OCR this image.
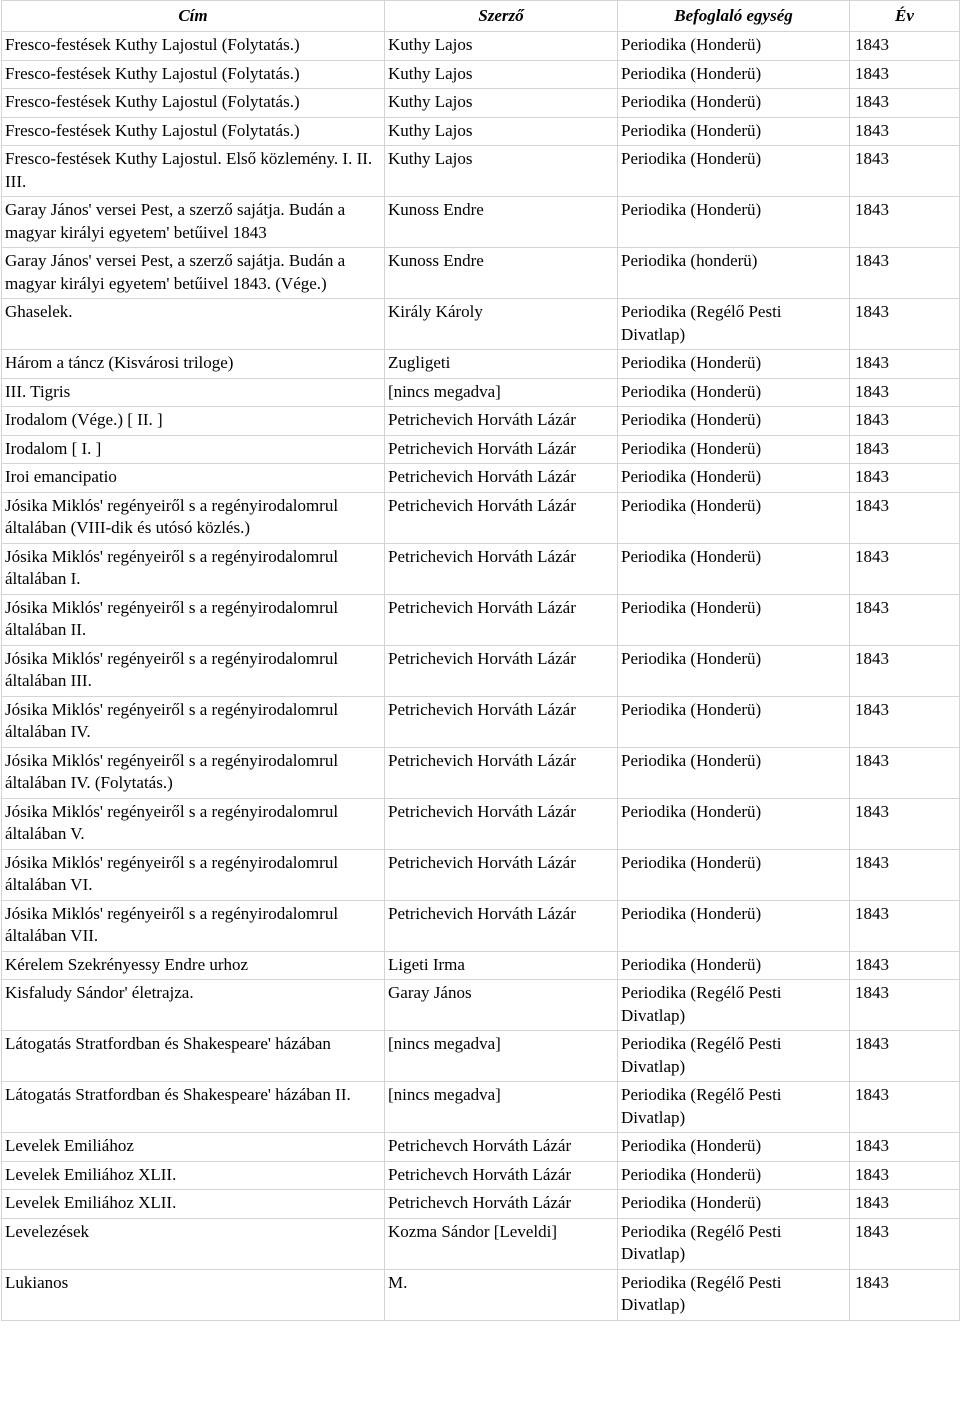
Cím	Szerző	Befoglaló egység	Év
Fresco-festések Kuthy Lajostul (Folytatás.)	Kuthy Lajos	Periodika (Honderü)	1843
Fresco-festések Kuthy Lajostul (Folytatás.)	Kuthy Lajos	Periodika (Honderü)	1843
Fresco-festések Kuthy Lajostul (Folytatás.)	Kuthy Lajos	Periodika (Honderü)	1843
Fresco-festések Kuthy Lajostul (Folytatás.)	Kuthy Lajos	Periodika (Honderü)	1843
Fresco-festések Kuthy Lajostul. Első közlemény. I. II. III.	Kuthy Lajos	Periodika (Honderü)	1843
Garay János' versei Pest, a szerző sajátja. Budán a magyar királyi egyetem' betűivel 1843	Kunoss Endre	Periodika (Honderü)	1843
Garay János' versei Pest, a szerző sajátja. Budán a magyar királyi egyetem' betűivel 1843. (Vége.)	Kunoss Endre	Periodika (honderü)	1843
Ghaselek.	Király Károly	Periodika (Regélő Pesti Divatlap)	1843
Három a táncz (Kisvárosi triloge)	Zugligeti	Periodika (Honderü)	1843
III. Tigris	[nincs megadva]	Periodika (Honderü)	1843
Irodalom (Vége.) [ II. ]	Petrichevich Horváth Lázár	Periodika (Honderü)	1843
Irodalom [ I. ]	Petrichevich Horváth Lázár	Periodika (Honderü)	1843
Iroi emancipatio	Petrichevich Horváth Lázár	Periodika (Honderü)	1843
Jósika Miklós' regényeiről s a regényirodalomrul általában (VIII-dik és utósó közlés.)	Petrichevich Horváth Lázár	Periodika (Honderü)	1843
Jósika Miklós' regényeiről s a regényirodalomrul általában I.	Petrichevich Horváth Lázár	Periodika (Honderü)	1843
Jósika Miklós' regényeiről s a regényirodalomrul általában II.	Petrichevich Horváth Lázár	Periodika (Honderü)	1843
Jósika Miklós' regényeiről s a regényirodalomrul általában III.	Petrichevich Horváth Lázár	Periodika (Honderü)	1843
Jósika Miklós' regényeiről s a regényirodalomrul általában IV.	Petrichevich Horváth Lázár	Periodika (Honderü)	1843
Jósika Miklós' regényeiről s a regényirodalomrul általában IV. (Folytatás.)	Petrichevich Horváth Lázár	Periodika (Honderü)	1843
Jósika Miklós' regényeiről s a regényirodalomrul általában V.	Petrichevich Horváth Lázár	Periodika (Honderü)	1843
Jósika Miklós' regényeiről s a regényirodalomrul általában VI.	Petrichevich Horváth Lázár	Periodika (Honderü)	1843
Jósika Miklós' regényeiről s a regényirodalomrul általában VII.	Petrichevich Horváth Lázár	Periodika (Honderü)	1843
Kérelem Szekrényessy Endre urhoz	Ligeti Irma	Periodika (Honderü)	1843
Kisfaludy Sándor' életrajza.	Garay János	Periodika (Regélő Pesti Divatlap)	1843
Látogatás Stratfordban és Shakespeare' házában	[nincs megadva]	Periodika (Regélő Pesti Divatlap)	1843
Látogatás Stratfordban és Shakespeare' házában II.	[nincs megadva]	Periodika (Regélő Pesti Divatlap)	1843
Levelek Emiliához	Petrichevch Horváth Lázár	Periodika (Honderü)	1843
Levelek Emiliához XLII.	Petrichevch Horváth Lázár	Periodika (Honderü)	1843
Levelek Emiliához XLII.	Petrichevch Horváth Lázár	Periodika (Honderü)	1843
Levelezések	Kozma Sándor [Leveldi]	Periodika (Regélő Pesti Divatlap)	1843
Lukianos	M.	Periodika (Regélő Pesti Divatlap)	1843
